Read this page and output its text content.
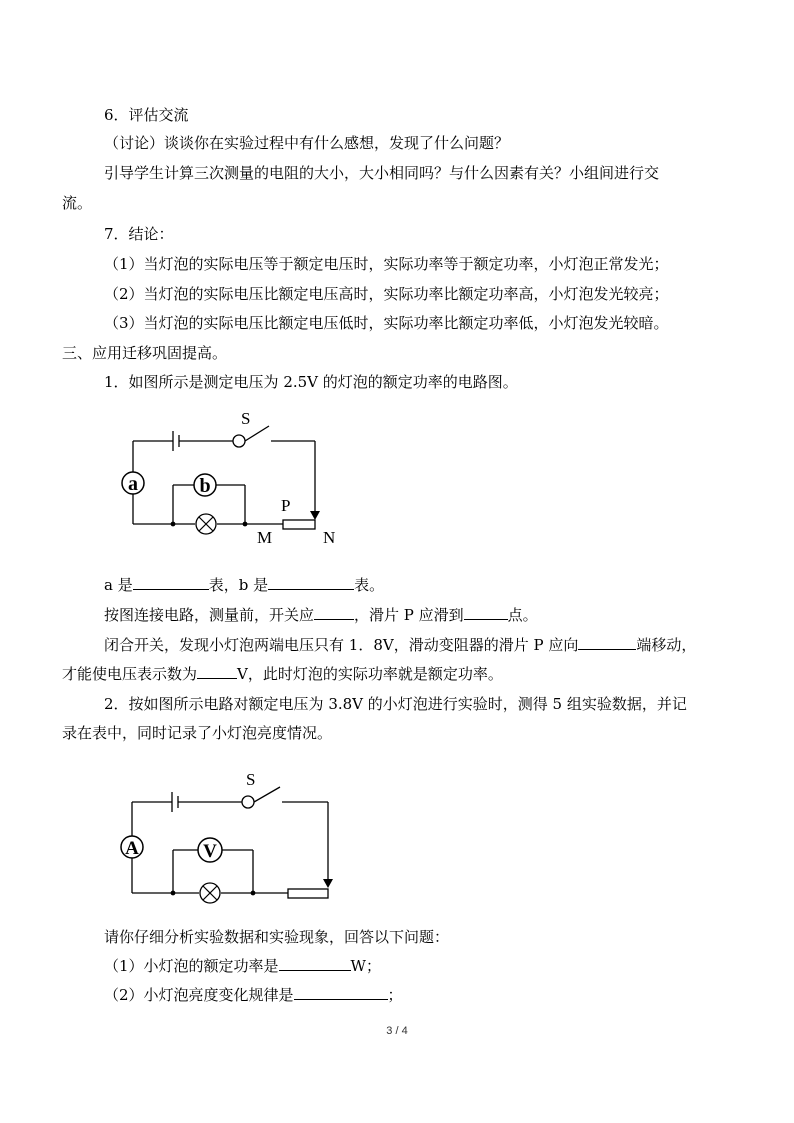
6．评估交流
（讨论）谈谈你在实验过程中有什么感想，发现了什么问题？
引导学生计算三次测量的电阻的大小，大小相同吗？与什么因素有关？小组间进行交
流。
7．结论：
（1）当灯泡的实际电压等于额定电压时，实际功率等于额定功率，小灯泡正常发光；
（2）当灯泡的实际电压比额定电压高时，实际功率比额定功率高，小灯泡发光较亮；
（3）当灯泡的实际电压比额定电压低时，实际功率比额定功率低，小灯泡发光较暗。
三、应用迁移巩固提高。
1．如图所示是测定电压为 2.5V 的灯泡的额定功率的电路图。
S
a	b
P
M	N
a 是	表，b 是	表。
按图连接电路，测量前，开关应	，滑片 P 应滑到	点。
闭合开关，发现小灯泡两端电压只有 1．8V，滑动变阻器的滑片 P 应向	端移动，
才能使电压表示数为	V，此时灯泡的实际功率就是额定功率。
2．按如图所示电路对额定电压为 3.8V 的小灯泡进行实验时，测得 5 组实验数据，并记
录在表中，同时记录了小灯泡亮度情况。
S
A	V
请你仔细分析实验数据和实验现象，回答以下问题：
（1）小灯泡的额定功率是	W；
（2）小灯泡亮度变化规律是	；
3 / 4
